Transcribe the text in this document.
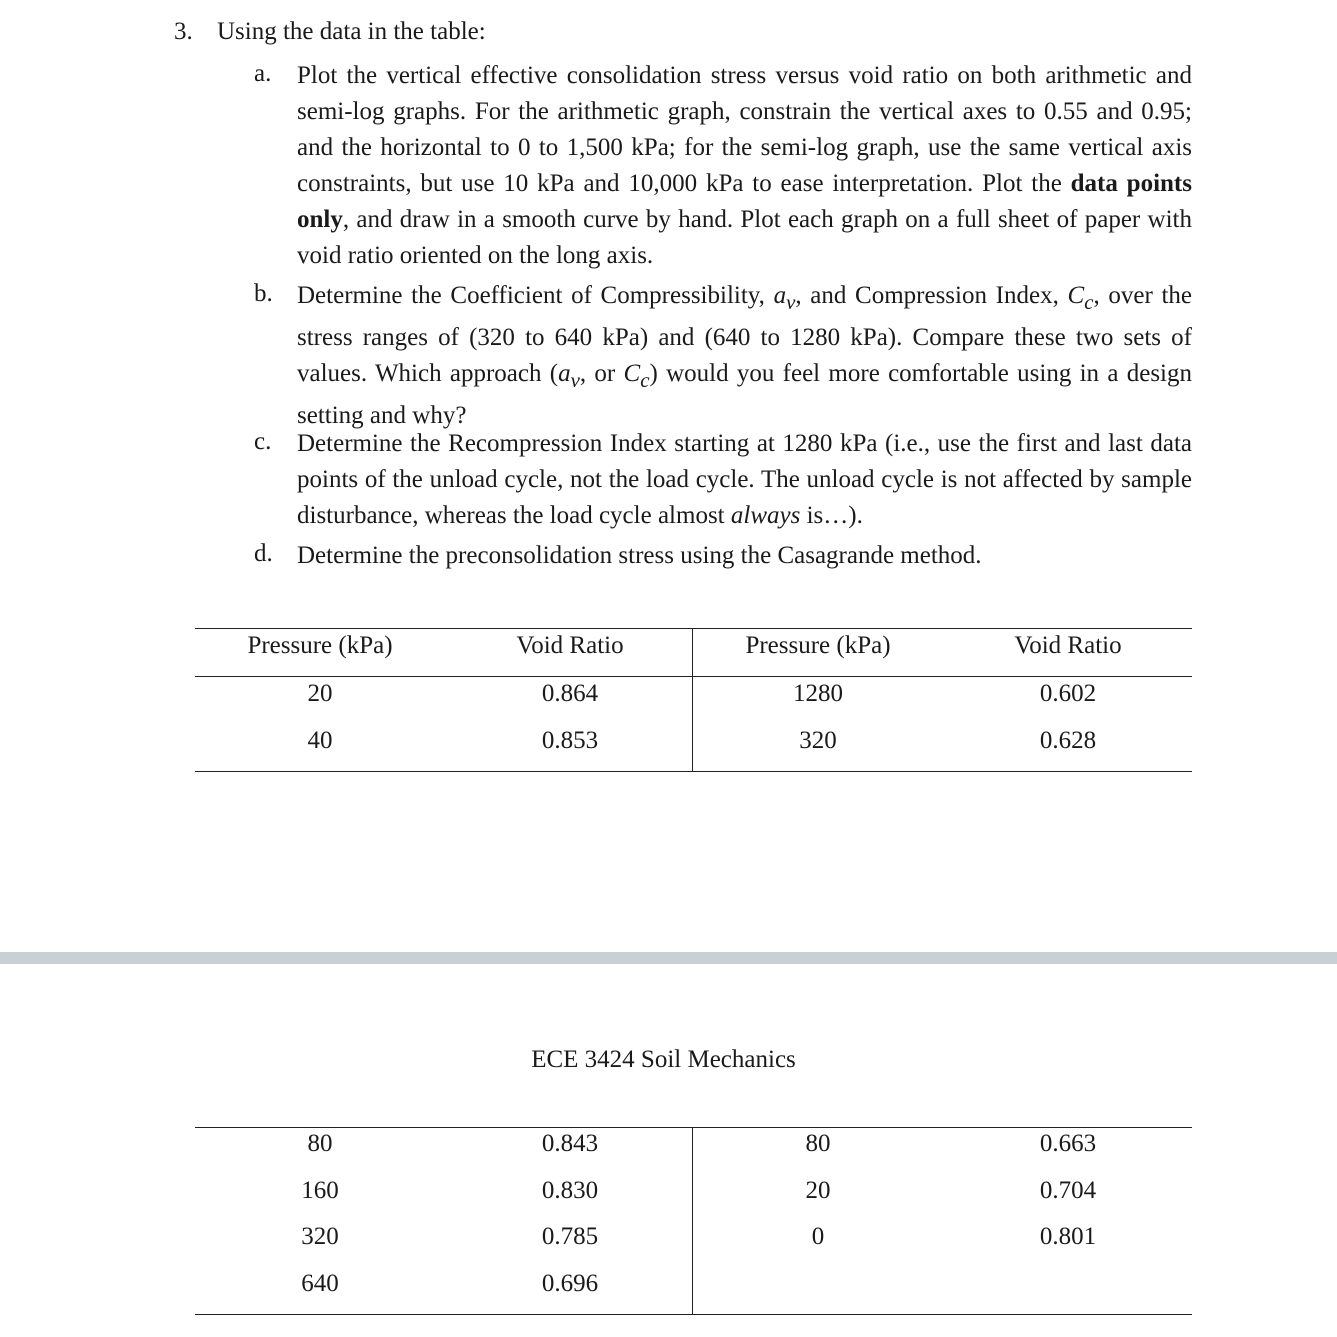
3. Using the data in the table:
a.	Plot the vertical effective consolidation stress versus void ratio on both arithmetic and semi-log graphs. For the arithmetic graph, constrain the vertical axes to 0.55 and 0.95; and the horizontal to 0 to 1,500 kPa; for the semi-log graph, use the same vertical axis constraints, but use 10 kPa and 10,000 kPa to ease interpretation. Plot the data points only, and draw in a smooth curve by hand. Plot each graph on a full sheet of paper with void ratio oriented on the long axis.
b. Determine the Coefficient of Compressibility, $a_v$, and Compression Index, $C_c$, over the stress ranges of (320 to 640 kPa) and (640 to 1280 kPa). Compare these two sets of values. Which approach ($a_v$, or $C_c$) would you feel more comfortable using in a design setting and why?
c.	Determine the Recompression Index starting at 1280 kPa (i.e., use the first and last data points of the unload cycle, not the load cycle. The unload cycle is not affected by sample disturbance, whereas the load cycle almost always is…).
d. Determine the preconsolidation stress using the Casagrande method.
Pressure (kPa)	Void Ratio	Pressure (kPa)	Void Ratio
20	0.864	1280	0.602
40	0.853	320	0.628
ECE 3424 Soil Mechanics
80	0.843	80	0.663
160	0.830	20	0.704
320	0.785	0	0.801
640	0.696
